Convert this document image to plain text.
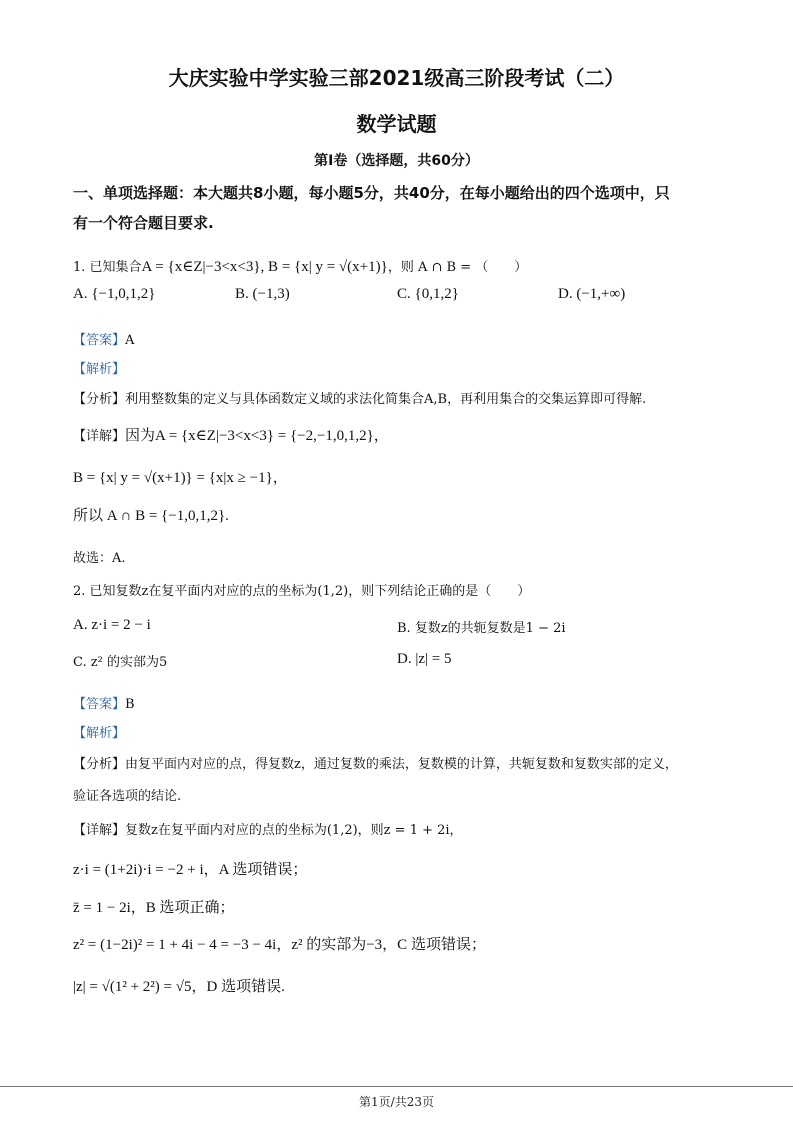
大庆实验中学实验三部2021级高三阶段考试（二）
数学试题
第Ⅰ卷（选择题，共60分）
一、单项选择题：本大题共8小题，每小题5分，共40分，在每小题给出的四个选项中，只
有一个符合题目要求.
1. 已知集合A = {x∈Z|−3<x<3}, B = {x| y = √(x+1)}，则 A ∩ B = （　　）
A. {−1,0,1,2}	B. (−1,3)	C. {0,1,2}	D. (−1,+∞)
【答案】A
【解析】
【分析】利用整数集的定义与具体函数定义域的求法化简集合A,B，再利用集合的交集运算即可得解.
【详解】因为A = {x∈Z|−3<x<3} = {−2,−1,0,1,2}，
B = {x| y = √(x+1)} = {x|x ≥ −1}，
所以 A ∩ B = {−1,0,1,2}.
故选：A.
2. 已知复数z在复平面内对应的点的坐标为(1,2)，则下列结论正确的是（　　）
A. z·i = 2 − i	B. 复数z的共轭复数是1 − 2i
C. z² 的实部为5	D. |z| = 5
【答案】B
【解析】
【分析】由复平面内对应的点，得复数z，通过复数的乘法，复数模的计算，共轭复数和复数实部的定义，
验证各选项的结论.
【详解】复数z在复平面内对应的点的坐标为(1,2)，则z = 1 + 2i，
z·i = (1+2i)·i = −2 + i，A 选项错误；
z̄ = 1 − 2i，B 选项正确；
z² = (1−2i)² = 1 + 4i − 4 = −3 − 4i，z² 的实部为−3，C 选项错误；
|z| = √(1² + 2²) = √5，D 选项错误.
第1页/共23页
